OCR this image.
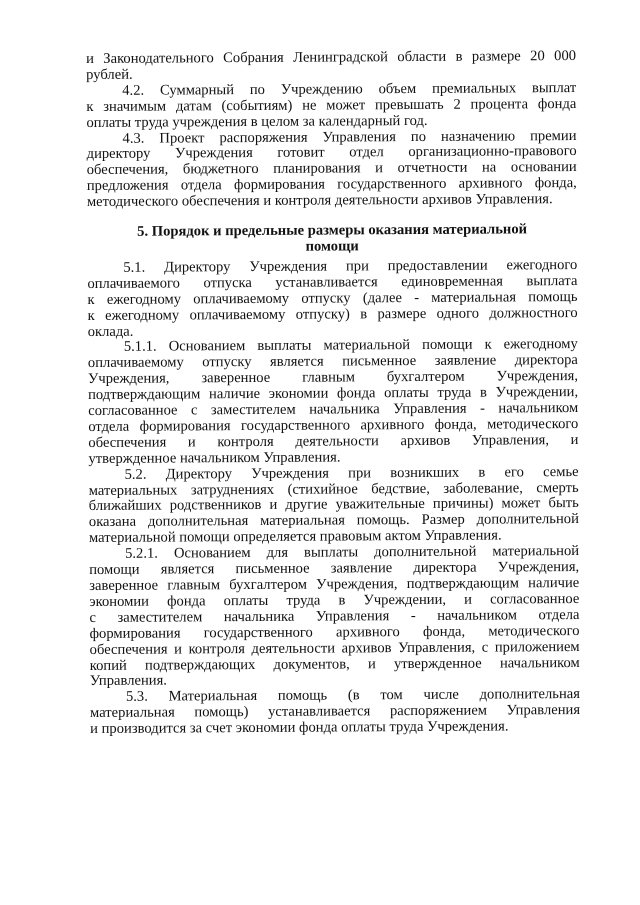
и Законодательного Собрания Ленинградской области в размере 20 000
рублей.
4.2. Суммарный по Учреждению объем премиальных выплат
к значимым датам (событиям) не может превышать 2 процента фонда
оплаты труда учреждения в целом за календарный год.
4.3. Проект распоряжения Управления по назначению премии
директору Учреждения готовит отдел организационно-правового
обеспечения, бюджетного планирования и отчетности на основании
предложения отдела формирования государственного архивного фонда,
методического обеспечения и контроля деятельности архивов Управления.
5. Порядок и предельные размеры оказания материальной
помощи
5.1. Директору Учреждения при предоставлении ежегодного
оплачиваемого отпуска устанавливается единовременная выплата
к ежегодному оплачиваемому отпуску (далее - материальная помощь
к ежегодному оплачиваемому отпуску) в размере одного должностного
оклада.
5.1.1. Основанием выплаты материальной помощи к ежегодному
оплачиваемому отпуску является письменное заявление директора
Учреждения, заверенное главным бухгалтером Учреждения,
подтверждающим наличие экономии фонда оплаты труда в Учреждении,
согласованное с заместителем начальника Управления - начальником
отдела формирования государственного архивного фонда, методического
обеспечения и контроля деятельности архивов Управления, и
утвержденное начальником Управления.
5.2. Директору Учреждения при возникших в его семье
материальных затруднениях (стихийное бедствие, заболевание, смерть
ближайших родственников и другие уважительные причины) может быть
оказана дополнительная материальная помощь. Размер дополнительной
материальной помощи определяется правовым актом Управления.
5.2.1. Основанием для выплаты дополнительной материальной
помощи является письменное заявление директора Учреждения,
заверенное главным бухгалтером Учреждения, подтверждающим наличие
экономии фонда оплаты труда в Учреждении, и согласованное
с заместителем начальника Управления - начальником отдела
формирования государственного архивного фонда, методического
обеспечения и контроля деятельности архивов Управления, с приложением
копий подтверждающих документов, и утвержденное начальником
Управления.
5.3. Материальная помощь (в том числе дополнительная
материальная помощь) устанавливается распоряжением Управления
и производится за счет экономии фонда оплаты труда Учреждения.
